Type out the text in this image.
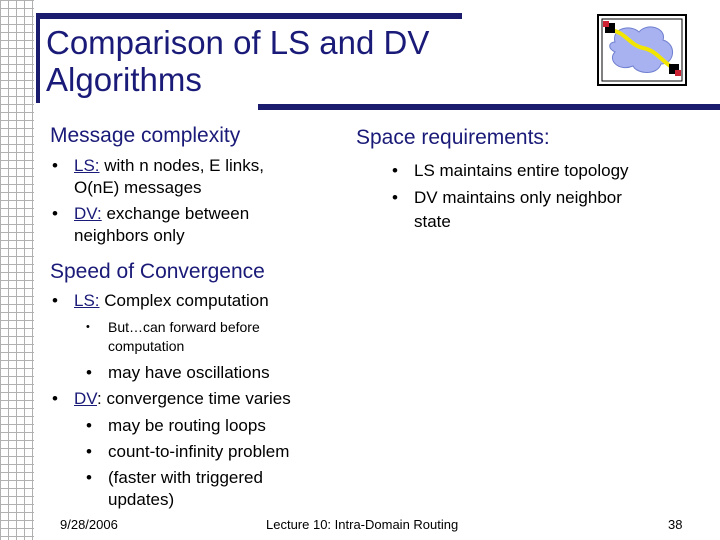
Comparison of LS and DV Algorithms
Message complexity
• LS: with n nodes, E links,
O(nE) messages
• DV: exchange between
neighbors only
Space requirements:
• LS maintains entire topology
• DV maintains only neighbor
state
Speed of Convergence
• LS: Complex computation
• But…can forward before
computation
• may have oscillations
• DV: convergence time varies
• may be routing loops
• count-to-infinity problem
• (faster with triggered
updates)
9/28/2006	Lecture 10: Intra-Domain Routing	38
